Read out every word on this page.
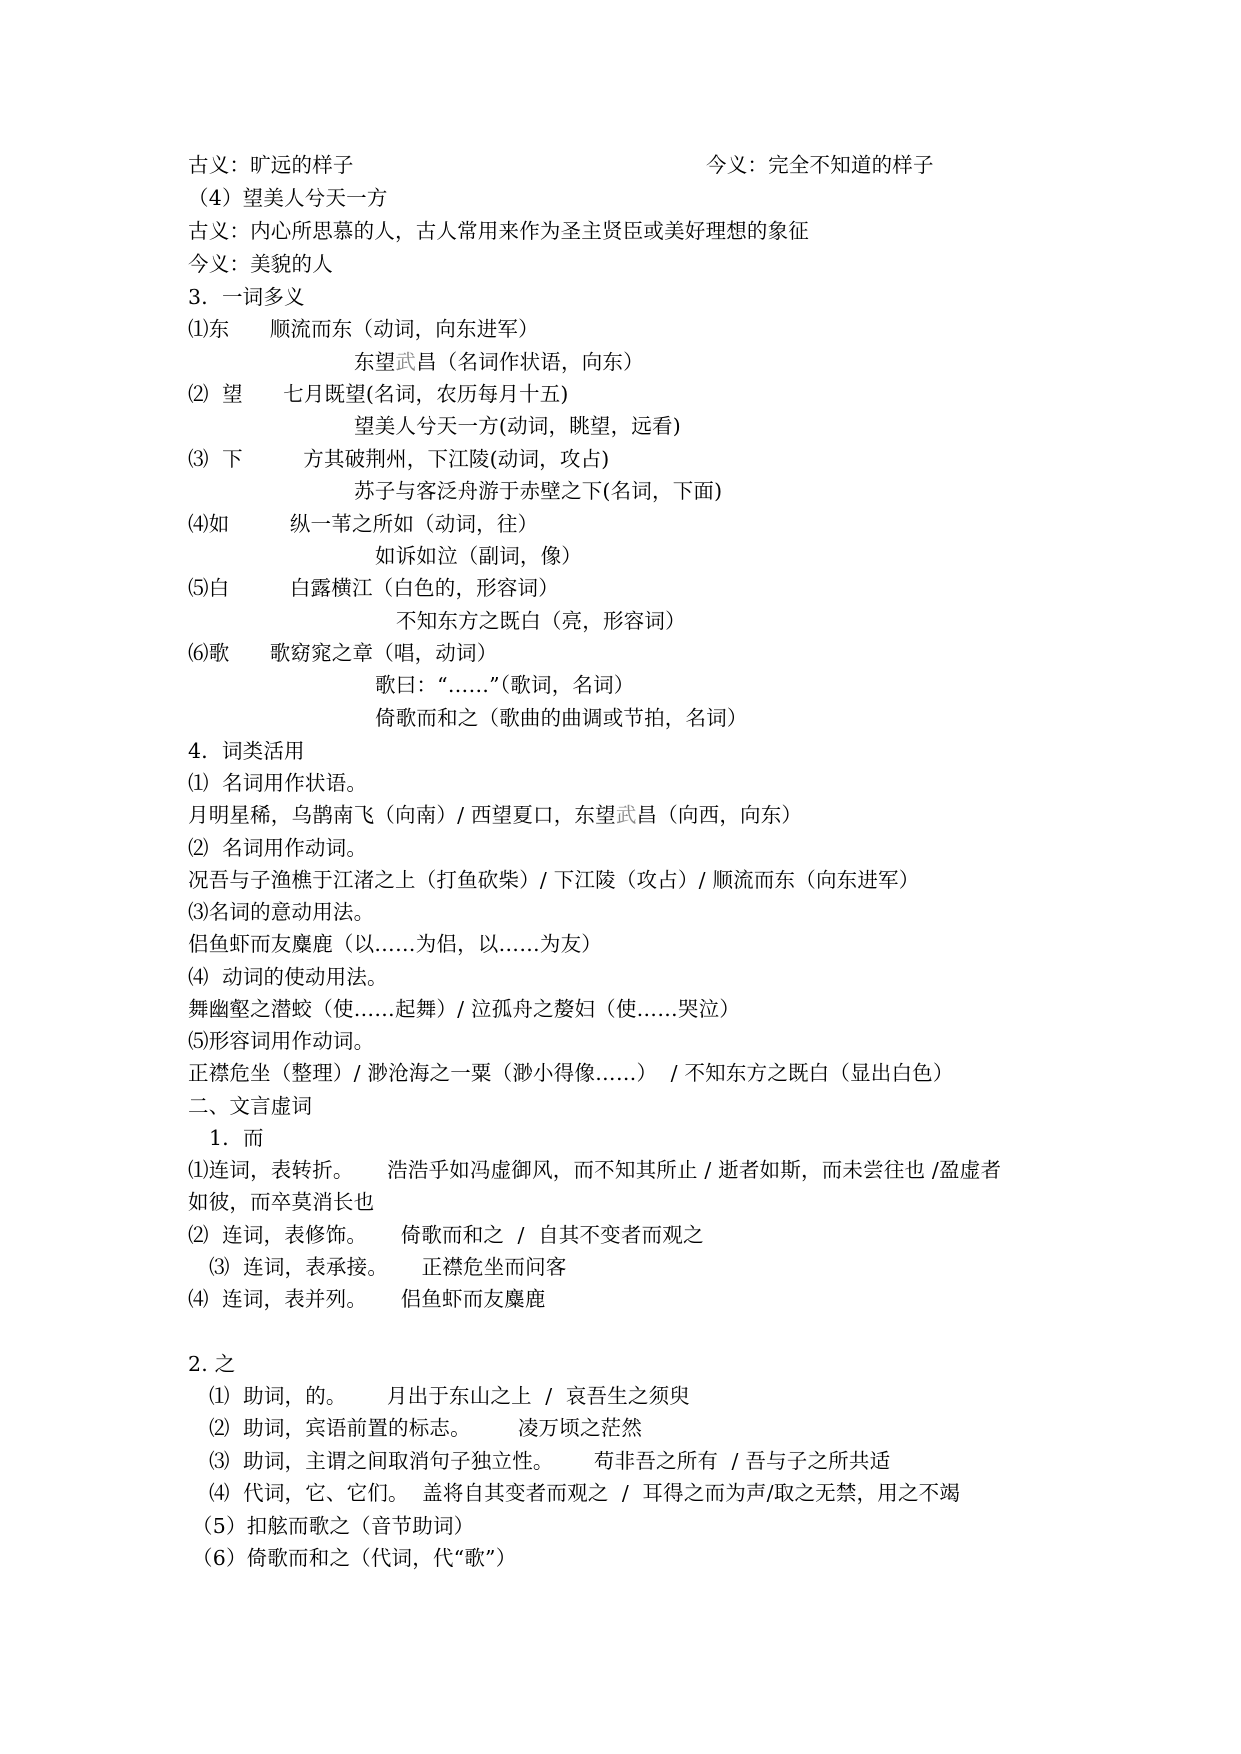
古义：旷远的样子	今义：完全不知道的样子
（4）望美人兮天一方
古义：内心所思慕的人，古人常用来作为圣主贤臣或美好理想的象征
今义：美貌的人
3．一词多义
⑴东      顺流而东（动词，向东进军）
东望武昌（名词作状语，向东）
⑵  望      七月既望(名词，农历每月十五)
望美人兮天一方(动词，眺望，远看)
⑶  下         方其破荆州，下江陵(动词，攻占)
苏子与客泛舟游于赤壁之下(名词，下面)
⑷如         纵一苇之所如（动词，往）
如诉如泣（副词，像）
⑸白         白露横江（白色的，形容词）
不知东方之既白（亮，形容词）
⑹歌      歌窈窕之章（唱，动词）
歌曰：“……”（歌词，名词）
倚歌而和之（歌曲的曲调或节拍，名词）
4．词类活用
⑴  名词用作状语。
月明星稀，乌鹊南飞（向南）/ 西望夏口，东望武昌（向西，向东）
⑵  名词用作动词。
况吾与子渔樵于江渚之上（打鱼砍柴）/ 下江陵（攻占）/ 顺流而东（向东进军）
⑶名词的意动用法。
侣鱼虾而友麋鹿（以……为侣，以……为友）
⑷  动词的使动用法。
舞幽壑之潜蛟（使……起舞）/ 泣孤舟之嫠妇（使……哭泣）
⑸形容词用作动词。
正襟危坐（整理）/ 渺沧海之一粟（渺小得像……）  / 不知东方之既白（显出白色）
二、文言虚词
1．而
⑴连词，表转折。     浩浩乎如冯虚御风，而不知其所止 / 逝者如斯，而未尝往也 /盈虚者
如彼，而卒莫消长也
⑵  连词，表修饰。     倚歌而和之  /  自其不变者而观之
⑶  连词，表承接。     正襟危坐而问客
⑷  连词，表并列。     侣鱼虾而友麋鹿
2. 之
⑴  助词，的。      月出于东山之上  /  哀吾生之须臾
⑵  助词，宾语前置的标志。       凌万顷之茫然
⑶  助词，主谓之间取消句子独立性。      苟非吾之所有  / 吾与子之所共适
⑷  代词，它、它们。  盖将自其变者而观之  /  耳得之而为声/取之无禁，用之不竭
（5）扣舷而歌之（音节助词）
（6）倚歌而和之（代词，代“歌”）
